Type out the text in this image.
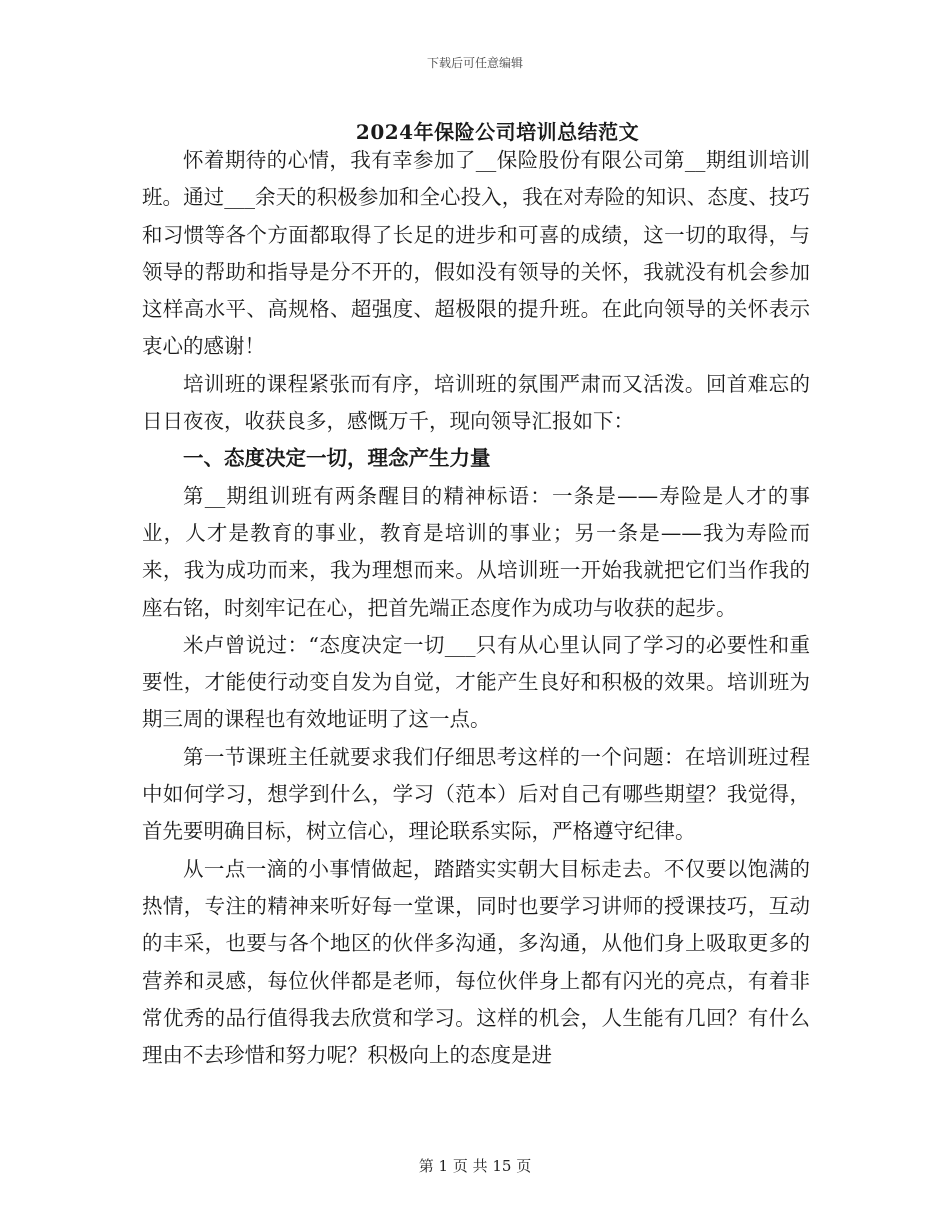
下载后可任意编辑
2024年保险公司培训总结范文

怀着期待的心情，我有幸参加了__保险股份有限公司第__期组训培训班。通过___余天的积极参加和全心投入，我在对寿险的知识、态度、技巧和习惯等各个方面都取得了长足的进步和可喜的成绩，这一切的取得，与领导的帮助和指导是分不开的，假如没有领导的关怀，我就没有机会参加这样高水平、高规格、超强度、超极限的提升班。在此向领导的关怀表示衷心的感谢！

培训班的课程紧张而有序，培训班的氛围严肃而又活泼。回首难忘的日日夜夜，收获良多，感慨万千，现向领导汇报如下：

一、态度决定一切，理念产生力量

第__期组训班有两条醒目的精神标语：一条是——寿险是人才的事业，人才是教育的事业，教育是培训的事业；另一条是——我为寿险而来，我为成功而来，我为理想而来。从培训班一开始我就把它们当作我的座右铭，时刻牢记在心，把首先端正态度作为成功与收获的起步。

米卢曾说过：“态度决定一切___只有从心里认同了学习的必要性和重要性，才能使行动变自发为自觉，才能产生良好和积极的效果。培训班为期三周的课程也有效地证明了这一点。

第一节课班主任就要求我们仔细思考这样的一个问题：在培训班过程中如何学习，想学到什么，学习（范本）后对自己有哪些期望？我觉得，首先要明确目标，树立信心，理论联系实际，严格遵守纪律。

从一点一滴的小事情做起，踏踏实实朝大目标走去。不仅要以饱满的热情，专注的精神来听好每一堂课，同时也要学习讲师的授课技巧，互动的丰采，也要与各个地区的伙伴多沟通，多沟通，从他们身上吸取更多的营养和灵感，每位伙伴都是老师，每位伙伴身上都有闪光的亮点，有着非常优秀的品行值得我去欣赏和学习。这样的机会，人生能有几回？有什么理由不去珍惜和努力呢？积极向上的态度是进

第 1 页 共 15 页
